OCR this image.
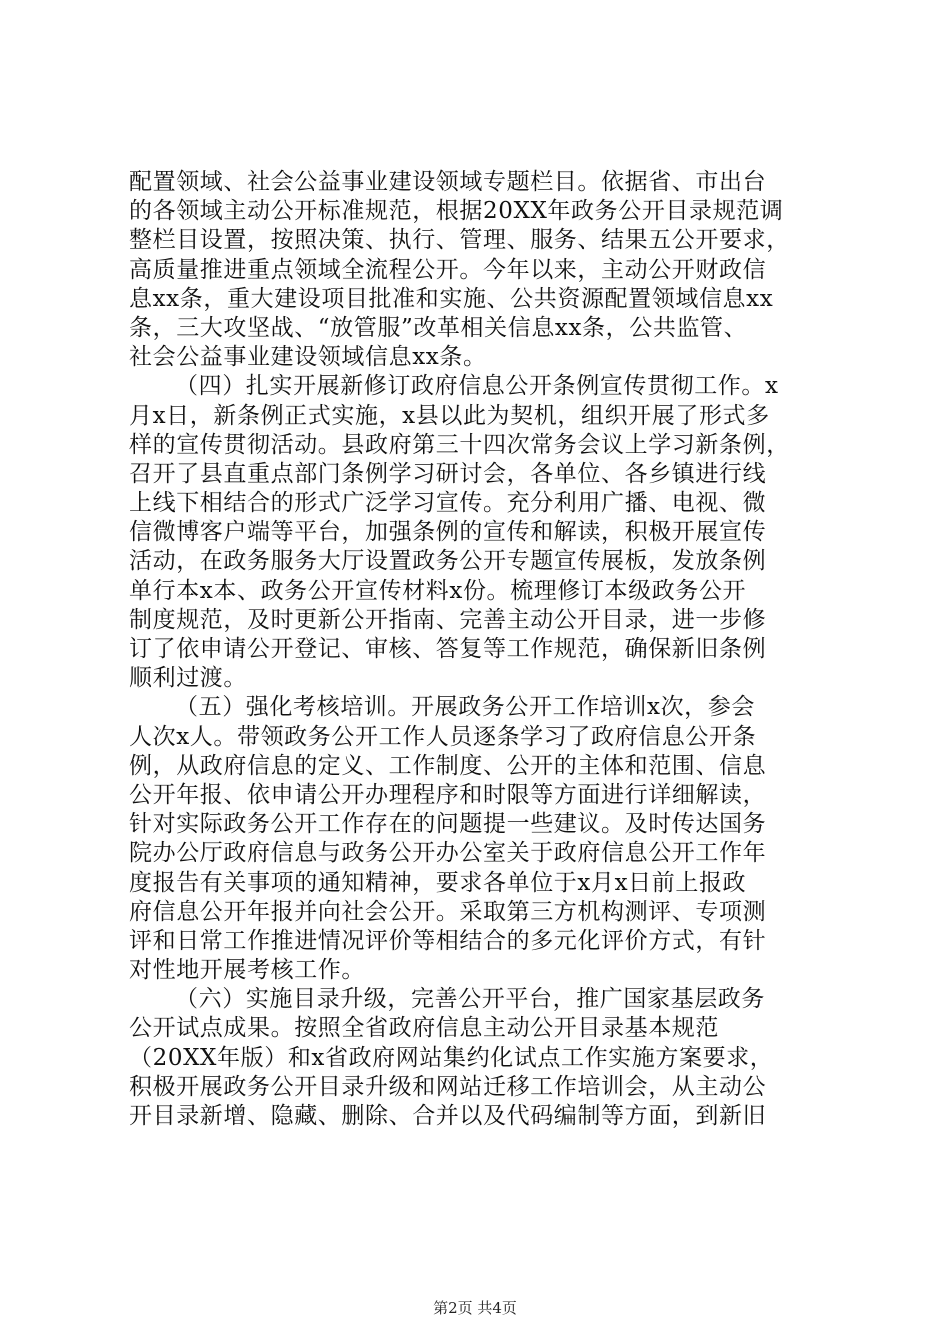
配置领域、社会公益事业建设领域专题栏目。依据省、市出台
的各领域主动公开标准规范，根据20XX年政务公开目录规范调
整栏目设置，按照决策、执行、管理、服务、结果五公开要求，
高质量推进重点领域全流程公开。今年以来，主动公开财政信
息xx条，重大建设项目批准和实施、公共资源配置领域信息xx
条，三大攻坚战、“放管服”改革相关信息xx条，公共监管、
社会公益事业建设领域信息xx条。
（四）扎实开展新修订政府信息公开条例宣传贯彻工作。x
月x日，新条例正式实施，x县以此为契机，组织开展了形式多
样的宣传贯彻活动。县政府第三十四次常务会议上学习新条例，
召开了县直重点部门条例学习研讨会，各单位、各乡镇进行线
上线下相结合的形式广泛学习宣传。充分利用广播、电视、微
信微博客户端等平台，加强条例的宣传和解读，积极开展宣传
活动，在政务服务大厅设置政务公开专题宣传展板，发放条例
单行本x本、政务公开宣传材料x份。梳理修订本级政务公开
制度规范，及时更新公开指南、完善主动公开目录，进一步修
订了依申请公开登记、审核、答复等工作规范，确保新旧条例
顺利过渡。
（五）强化考核培训。开展政务公开工作培训x次，参会
人次x人。带领政务公开工作人员逐条学习了政府信息公开条
例，从政府信息的定义、工作制度、公开的主体和范围、信息
公开年报、依申请公开办理程序和时限等方面进行详细解读，
针对实际政务公开工作存在的问题提一些建议。及时传达国务
院办公厅政府信息与政务公开办公室关于政府信息公开工作年
度报告有关事项的通知精神，要求各单位于x月x日前上报政
府信息公开年报并向社会公开。采取第三方机构测评、专项测
评和日常工作推进情况评价等相结合的多元化评价方式，有针
对性地开展考核工作。
（六）实施目录升级，完善公开平台，推广国家基层政务
公开试点成果。按照全省政府信息主动公开目录基本规范
（20XX年版）和x省政府网站集约化试点工作实施方案要求，
积极开展政务公开目录升级和网站迁移工作培训会，从主动公
开目录新增、隐藏、删除、合并以及代码编制等方面，到新旧
第2页 共4页
